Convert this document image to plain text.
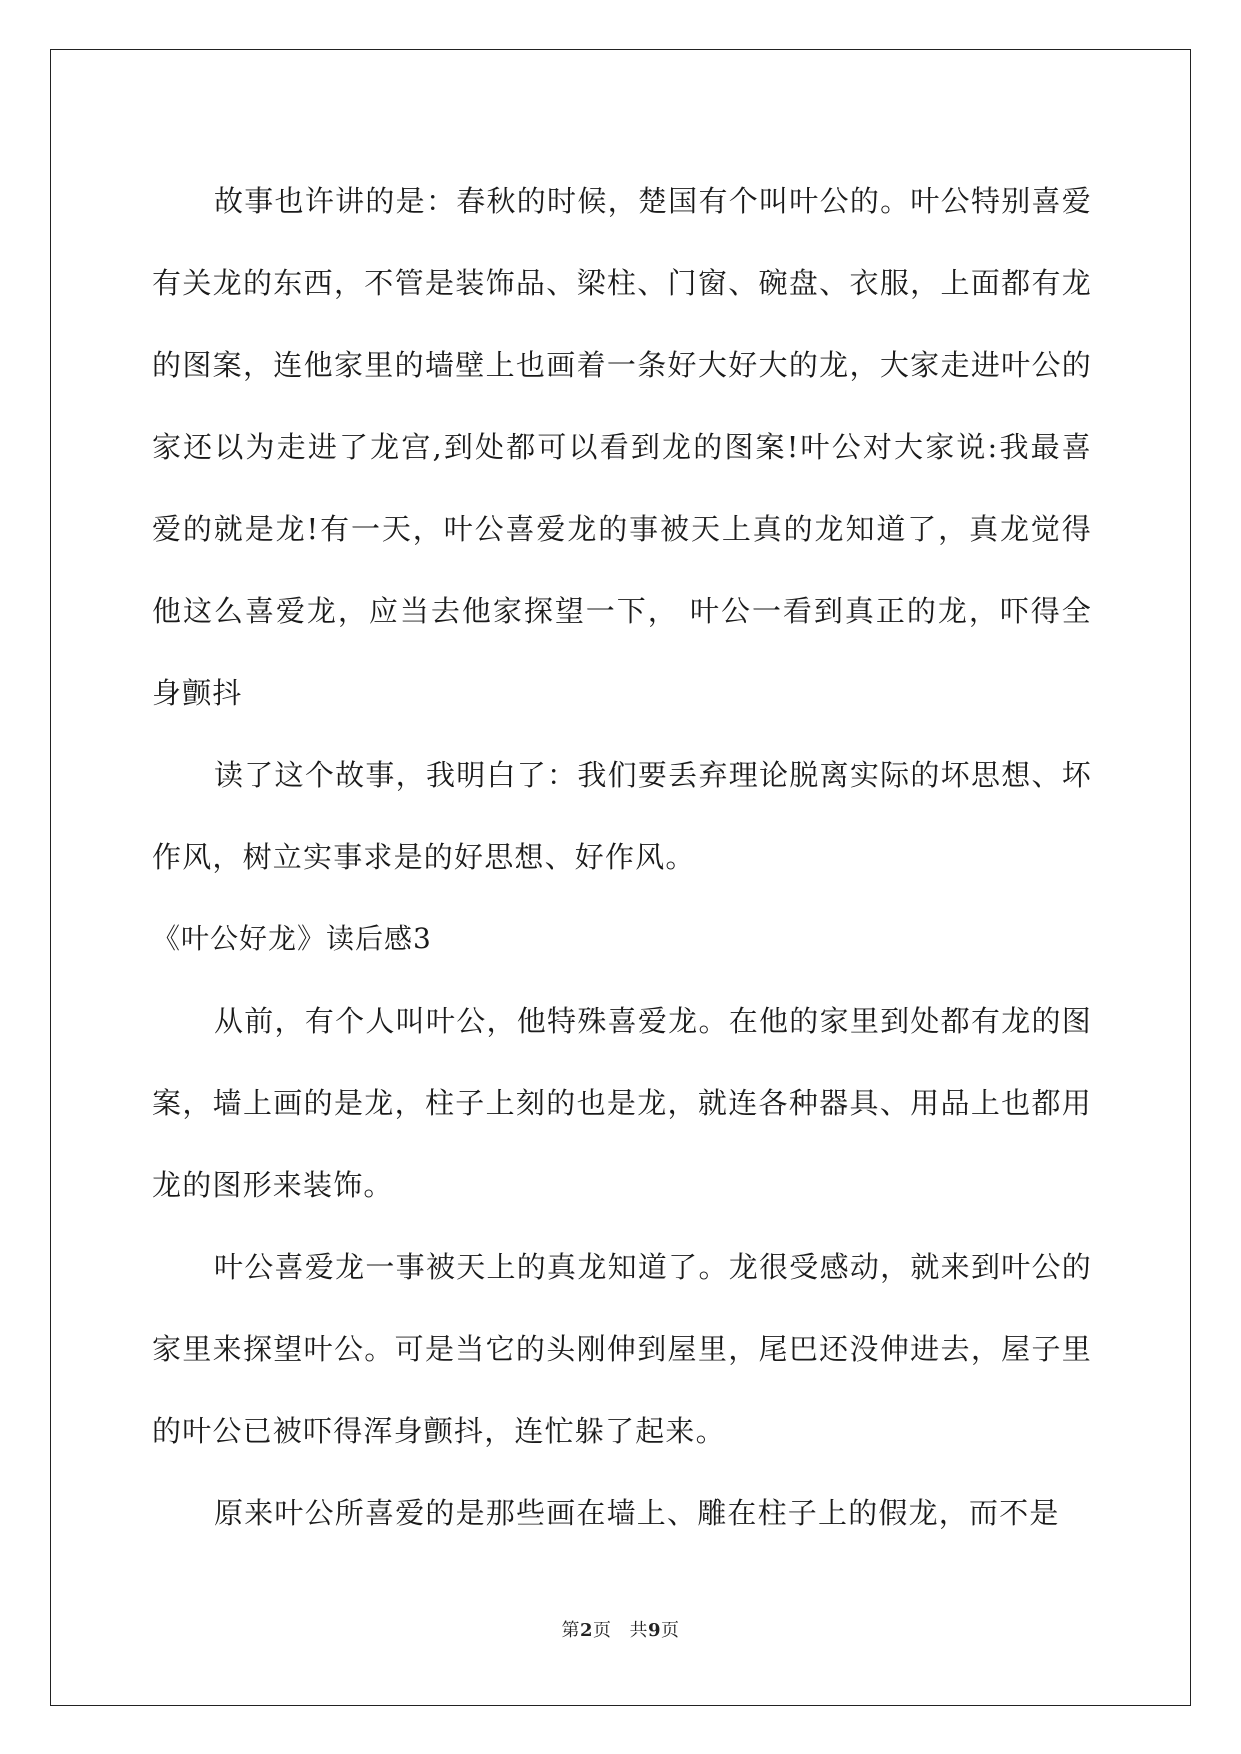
故事也许讲的是：春秋的时候，楚国有个叫叶公的。叶公特别喜爱有关龙的东西，不管是装饰品、梁柱、门窗、碗盘、衣服，上面都有龙的图案，连他家里的墙壁上也画着一条好大好大的龙，大家走进叶公的家还以为走进了龙宫,到处都可以看到龙的图案!叶公对大家说:我最喜爱的就是龙!有一天，叶公喜爱龙的事被天上真的龙知道了，真龙觉得他这么喜爱龙，应当去他家探望一下， 叶公一看到真正的龙，吓得全身颤抖

读了这个故事，我明白了：我们要丢弃理论脱离实际的坏思想、坏作风，树立实事求是的好思想、好作风。

《叶公好龙》读后感3

从前，有个人叫叶公，他特殊喜爱龙。在他的家里到处都有龙的图案，墙上画的是龙，柱子上刻的也是龙，就连各种器具、用品上也都用龙的图形来装饰。

叶公喜爱龙一事被天上的真龙知道了。龙很受感动，就来到叶公的家里来探望叶公。可是当它的头刚伸到屋里，尾巴还没伸进去，屋子里的叶公已被吓得浑身颤抖，连忙躲了起来。

原来叶公所喜爱的是那些画在墙上、雕在柱子上的假龙，而不是

第2页 共9页
